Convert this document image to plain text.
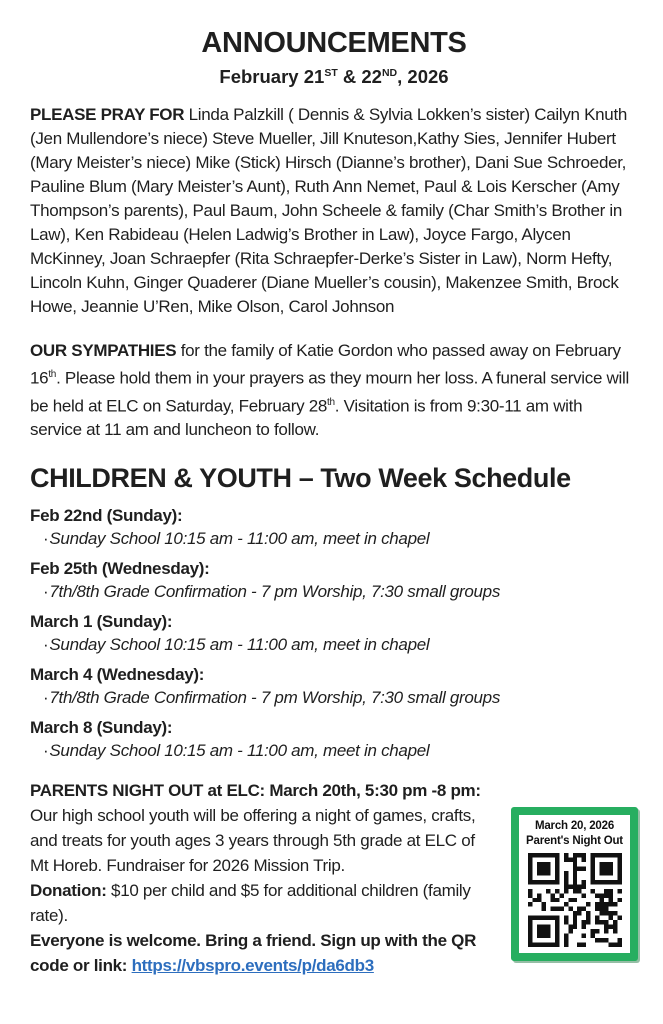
ANNOUNCEMENTS
February 21ST & 22ND, 2026

PLEASE PRAY FOR Linda Palzkill ( Dennis & Sylvia Lokken’s sister) Cailyn Knuth (Jen Mullendore’s niece) Steve Mueller, Jill Knuteson,Kathy Sies, Jennifer Hubert (Mary Meister’s niece) Mike (Stick) Hirsch (Dianne’s brother), Dani Sue Schroeder, Pauline Blum (Mary Meister’s Aunt), Ruth Ann Nemet, Paul & Lois Kerscher (Amy Thompson’s parents), Paul Baum, John Scheele & family (Char Smith’s Brother in Law), Ken Rabideau (Helen Ladwig’s Brother in Law), Joyce Fargo, Alycen McKinney, Joan Schraepfer (Rita Schraepfer-Derke’s Sister in Law), Norm Hefty, Lincoln Kuhn, Ginger Quaderer (Diane Mueller’s cousin), Makenzee Smith, Brock Howe, Jeannie U’Ren, Mike Olson, Carol Johnson

OUR SYMPATHIES for the family of Katie Gordon who passed away on February 16th. Please hold them in your prayers as they mourn her loss. A funeral service will be held at ELC on Saturday, February 28th. Visitation is from 9:30-11 am with service at 11 am and luncheon to follow.

CHILDREN & YOUTH – Two Week Schedule
Feb 22nd (Sunday):
·Sunday School 10:15 am - 11:00 am, meet in chapel
Feb 25th (Wednesday):
·7th/8th Grade Confirmation - 7 pm Worship, 7:30 small groups
March 1 (Sunday):
·Sunday School 10:15 am - 11:00 am, meet in chapel
March 4 (Wednesday):
·7th/8th Grade Confirmation - 7 pm Worship, 7:30 small groups
March 8 (Sunday):
·Sunday School 10:15 am - 11:00 am, meet in chapel

PARENTS NIGHT OUT at ELC: March 20th, 5:30 pm -8 pm:

March 20, 2026
Parent's Night Out

Our high school youth will be offering a night of games, crafts, and treats for youth ages 3 years through 5th grade at ELC of Mt Horeb. Fundraiser for 2026 Mission Trip.

Donation: $10 per child and $5 for additional children (family rate).

Everyone is welcome. Bring a friend. Sign up with the QR code or link: https://vbspro.events/p/da6db3
